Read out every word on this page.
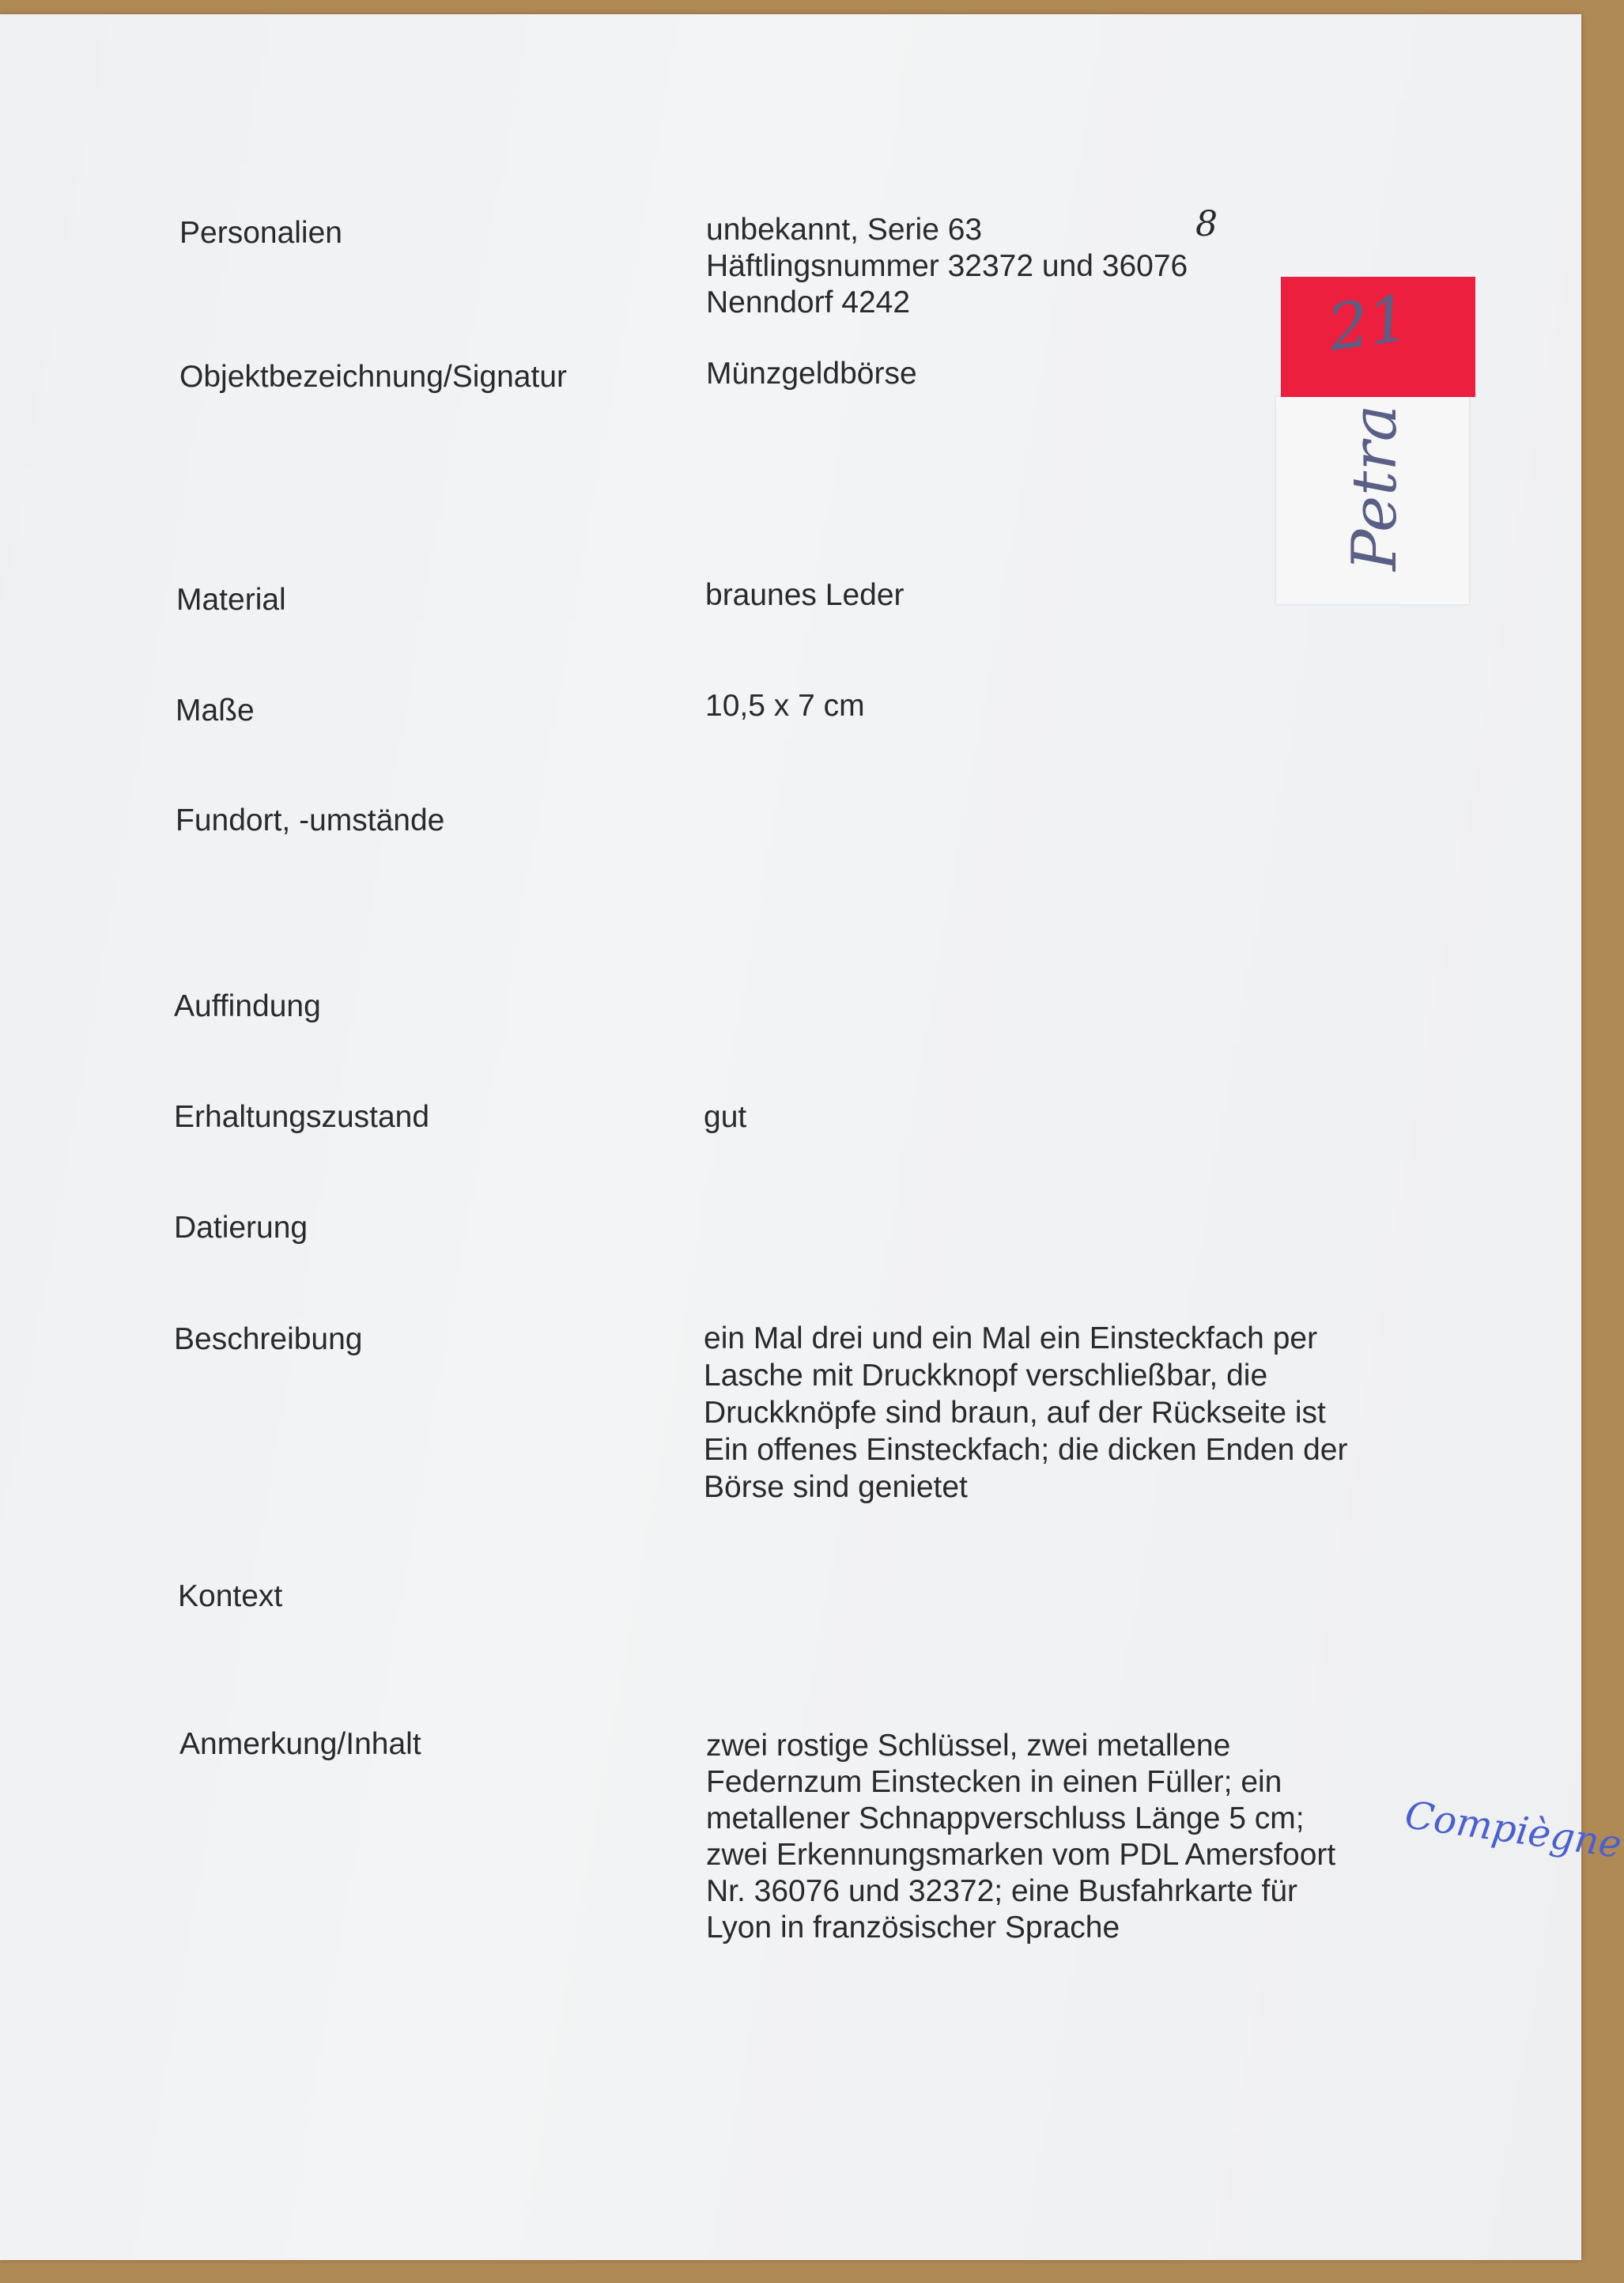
Personalien	unbekannt, Serie 63
Häftlingsnummer 32372 und 36076
Nenndorf 4242
8
Objektbezeichnung/Signatur	Münzgeldbörse
Material	braunes Leder
Maße	10,5 x 7 cm
Fundort, -umstände
Auffindung
Erhaltungszustand	gut
Datierung
Beschreibung	ein Mal drei und ein Mal ein Einsteckfach per
Lasche mit Druckknopf verschließbar, die
Druckknöpfe sind braun, auf der Rückseite ist
Ein offenes Einsteckfach; die dicken Enden der
Börse sind genietet
Kontext
Anmerkung/Inhalt	zwei rostige Schlüssel, zwei metallene
Federnzum Einstecken in einen Füller; ein
metallener Schnappverschluss Länge 5 cm;
zwei Erkennungsmarken vom PDL Amersfoort
Nr. 36076 und 32372; eine Busfahrkarte für
Lyon in französischer Sprache
Compiègne
21
Petra
